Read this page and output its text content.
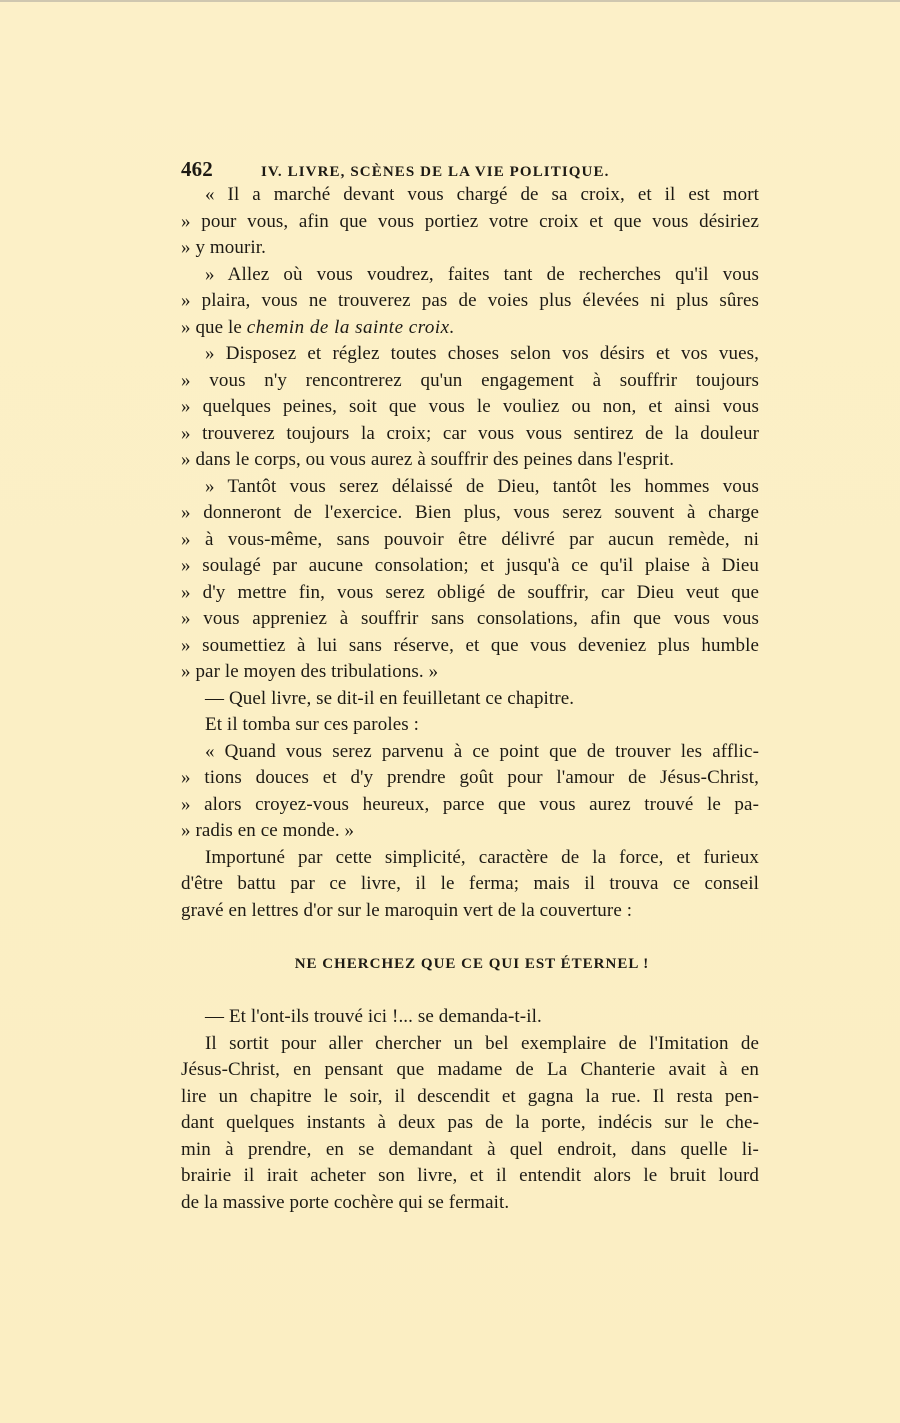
462	IV. LIVRE, SCÈNES DE LA VIE POLITIQUE.
« Il a marché devant vous chargé de sa croix, et il est mort
» pour vous, afin que vous portiez votre croix et que vous désiriez
» y mourir.
» Allez où vous voudrez, faites tant de recherches qu'il vous
» plaira, vous ne trouverez pas de voies plus élevées ni plus sûres
» que le chemin de la sainte croix.
» Disposez et réglez toutes choses selon vos désirs et vos vues,
» vous n'y rencontrerez qu'un engagement à souffrir toujours
» quelques peines, soit que vous le vouliez ou non, et ainsi vous
» trouverez toujours la croix; car vous vous sentirez de la douleur
» dans le corps, ou vous aurez à souffrir des peines dans l'esprit.
» Tantôt vous serez délaissé de Dieu, tantôt les hommes vous
» donneront de l'exercice. Bien plus, vous serez souvent à charge
» à vous-même, sans pouvoir être délivré par aucun remède, ni
» soulagé par aucune consolation; et jusqu'à ce qu'il plaise à Dieu
» d'y mettre fin, vous serez obligé de souffrir, car Dieu veut que
» vous appreniez à souffrir sans consolations, afin que vous vous
» soumettiez à lui sans réserve, et que vous deveniez plus humble
» par le moyen des tribulations. »
— Quel livre, se dit-il en feuilletant ce chapitre.
Et il tomba sur ces paroles :
« Quand vous serez parvenu à ce point que de trouver les afflic-
» tions douces et d'y prendre goût pour l'amour de Jésus-Christ,
» alors croyez-vous heureux, parce que vous aurez trouvé le pa-
» radis en ce monde. »
Importuné par cette simplicité, caractère de la force, et furieux
d'être battu par ce livre, il le ferma; mais il trouva ce conseil
gravé en lettres d'or sur le maroquin vert de la couverture :
NE CHERCHEZ QUE CE QUI EST ÉTERNEL !
— Et l'ont-ils trouvé ici !... se demanda-t-il.
Il sortit pour aller chercher un bel exemplaire de l'Imitation de
Jésus-Christ, en pensant que madame de La Chanterie avait à en
lire un chapitre le soir, il descendit et gagna la rue. Il resta pen-
dant quelques instants à deux pas de la porte, indécis sur le che-
min à prendre, en se demandant à quel endroit, dans quelle li-
brairie il irait acheter son livre, et il entendit alors le bruit lourd
de la massive porte cochère qui se fermait.
